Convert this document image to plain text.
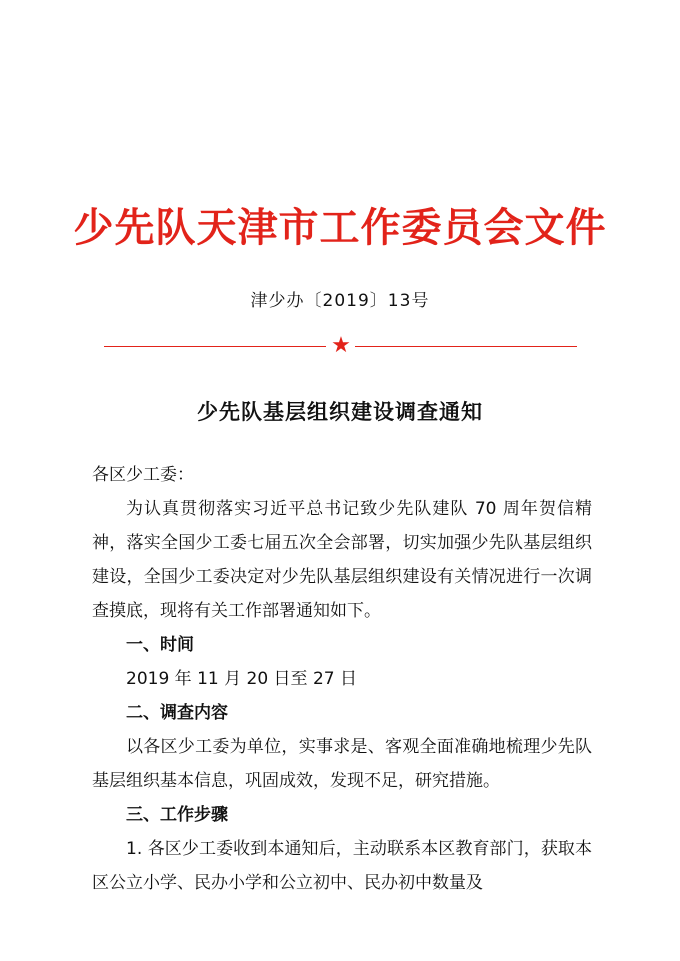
少先队天津市工作委员会文件
津少办〔2019〕13号
★
少先队基层组织建设调查通知

各区少工委：

为认真贯彻落实习近平总书记致少先队建队 70 周年贺信精神，落实全国少工委七届五次全会部署，切实加强少先队基层组织建设，全国少工委决定对少先队基层组织建设有关情况进行一次调查摸底，现将有关工作部署通知如下。

一、时间

2019 年 11 月 20 日至 27 日

二、调查内容

以各区少工委为单位，实事求是、客观全面准确地梳理少先队基层组织基本信息，巩固成效，发现不足，研究措施。

三、工作步骤

1. 各区少工委收到本通知后，主动联系本区教育部门，获取本区公立小学、民办小学和公立初中、民办初中数量及
